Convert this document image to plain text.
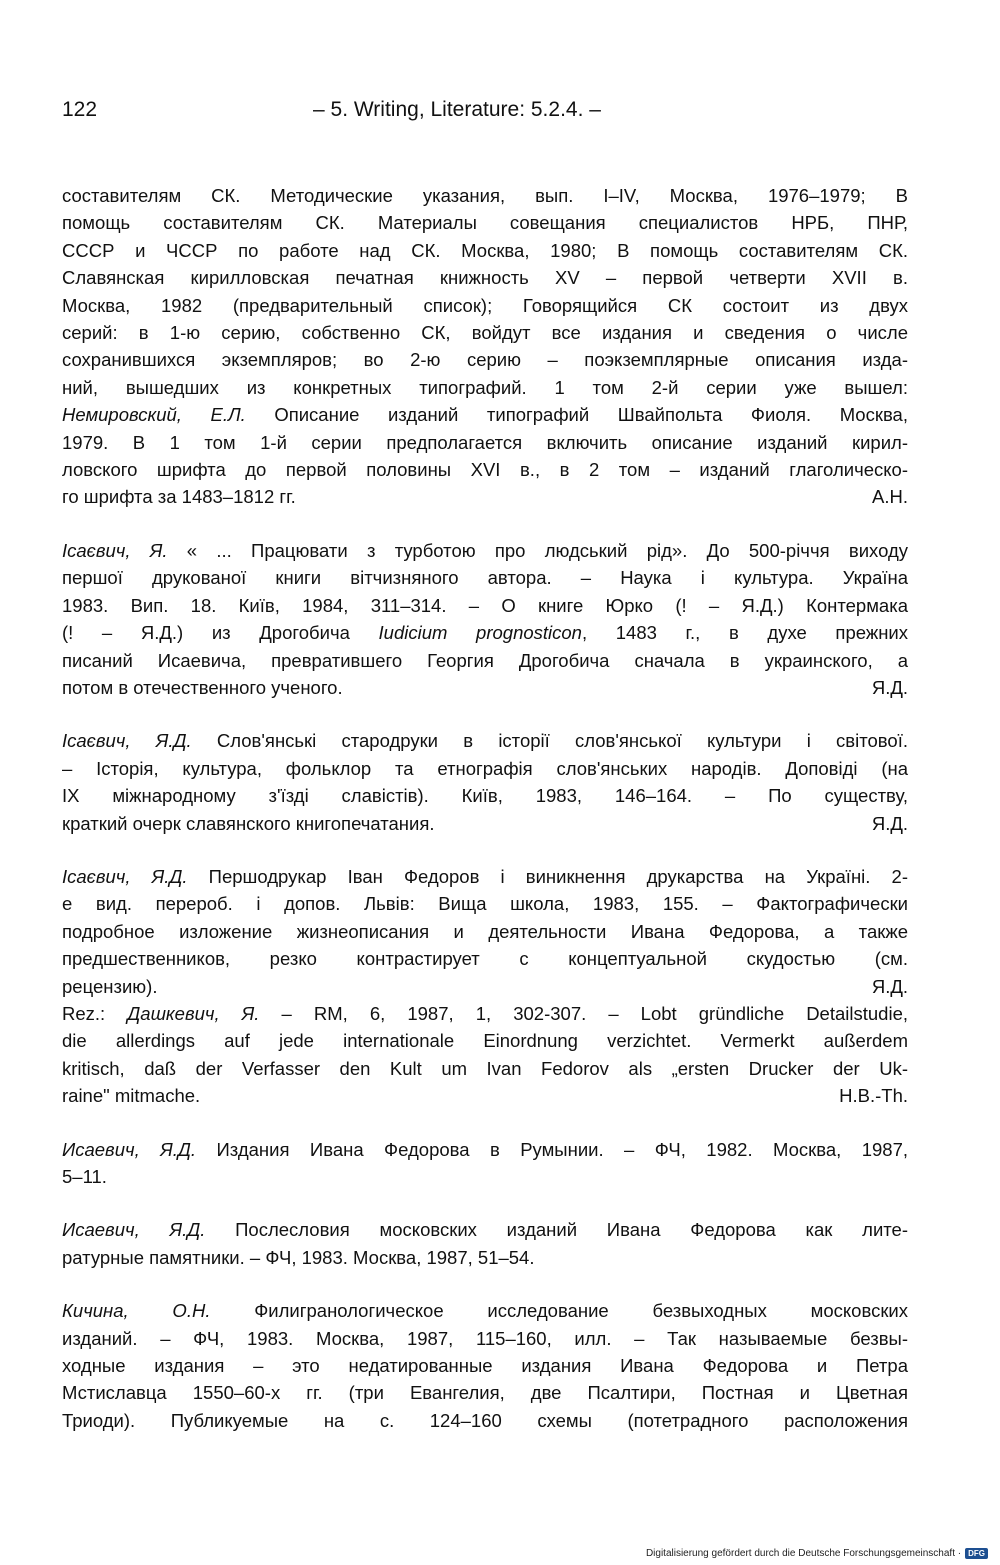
122	– 5. Writing, Literature: 5.2.4. –
составителям СК. Методические указания, вып. I–IV, Москва, 1976–1979; В
помощь составителям СК. Материалы совещания специалистов НРБ, ПНР,
СССР и ЧССР по работе над СК. Москва, 1980; В помощь составителям СК.
Славянская кирилловская печатная книжность XV – первой четверти XVII в.
Москва, 1982 (предварительный список); Говорящийся СК состоит из двух
серий: в 1-ю серию, собственно СК, войдут все издания и сведения о числе
сохранившихся экземпляров; во 2-ю серию – поэкземплярные описания изда-
ний, вышедших из конкретных типографий. 1 том 2-й серии уже вышел:
Немировский, Е.Л. Описание изданий типографий Швайпольта Фиоля. Москва,
1979. В 1 том 1-й серии предполагается включить описание изданий кирил-
ловского шрифта до первой половины XVI в., в 2 том – изданий глаголическо-
го шрифта за 1483–1812 гг.	А.Н.
Ісаєвич, Я. « ... Працювати з турботою про людський рід». До 500-річчя виходу
першої друкованої книги вітчизняного автора. – Наука і культура. Україна
1983. Вип. 18. Київ, 1984, 311–314. – О книге Юрко (! – Я.Д.) Контермака
(! – Я.Д.) из Дрогобича Iudicium prognosticon, 1483 г., в духе прежних
писаний Исаевича, превратившего Георгия Дрогобича сначала в украинского, а
потом в отечественного ученого.	Я.Д.
Ісаєвич, Я.Д. Слов'янські стародруки в історії слов'янської культури і світової.
– Історія, культура, фольклор та етнографія слов'янських народів. Доповіді (на
IX міжнародному з'їзді славістів). Київ, 1983, 146–164. – По существу,
краткий очерк славянского книгопечатания.	Я.Д.
Ісаєвич, Я.Д. Першодрукар Іван Федоров і виникнення друкарства на Україні. 2-
е вид. перероб. і допов. Львів: Вища школа, 1983, 155. – Фактографически
подробное изложение жизнеописания и деятельности Ивана Федорова, а также
предшественников, резко контрастирует с концептуальной скудостью (см.
рецензию).	Я.Д.
Rez.: Дашкевич, Я. – RM, 6, 1987, 1, 302-307. – Lobt gründliche Detailstudie,
die allerdings auf jede internationale Einordnung verzichtet. Vermerkt außerdem
kritisch, daß der Verfasser den Kult um Ivan Fedorov als „ersten Drucker der Uk-
raine" mitmache.	H.B.-Th.
Исаевич, Я.Д. Издания Ивана Федорова в Румынии. – ФЧ, 1982. Москва, 1987,
5–11.
Исаевич, Я.Д. Послесловия московских изданий Ивана Федорова как лите-
ратурные памятники. – ФЧ, 1983. Москва, 1987, 51–54.
Кичина, О.Н. Филигранологическое исследование безвыходных московских
изданий. – ФЧ, 1983. Москва, 1987, 115–160, илл. – Так называемые безвы-
ходные издания – это недатированные издания Ивана Федорова и Петра
Мстиславца 1550–60-х гг. (три Евангелия, две Псалтири, Постная и Цветная
Триоди). Публикуемые на с. 124–160 схемы (потетрадного расположения
Digitalisierung gefördert durch die Deutsche Forschungsgemeinschaft · DFG
